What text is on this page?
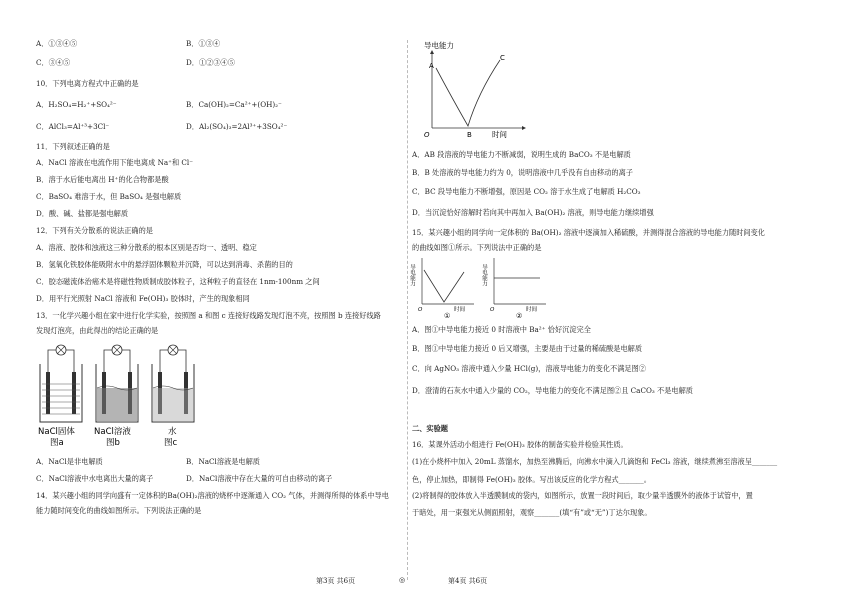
A．①③④⑤	B．①③④
C．③④⑤	D．①②③④⑤
10．下列电离方程式中正确的是
A．H₂SO₄=H₂⁺+SO₄²⁻	B．Ca(OH)₂=Ca²⁺+(OH)₂⁻
C．AlCl₃=Al⁺³+3Cl⁻	D．Al₂(SO₄)₃=2Al³⁺+3SO₄²⁻
11．下列叙述正确的是
A．NaCl 溶液在电流作用下能电离成 Na⁺和 Cl⁻
B．溶于水后能电离出 H⁺的化合物都是酸
C．BaSO₄ 难溶于水，但 BaSO₄ 是强电解质
D．酸、碱、盐都是强电解质
12．下列有关分散系的说法正确的是
A．溶液、胶体和浊液这三种分散系的根本区别是否均一、透明、稳定
B．氢氧化铁胶体能吸附水中的悬浮固体颗粒并沉降，可以达到消毒、杀菌的目的
C．胶态磁流体治癌术是将磁性物质制成胶体粒子，这种粒子的直径在 1nm-100nm 之间
D．用平行光照射 NaCl 溶液和 Fe(OH)₃ 胶体时，产生的现象相同
13．一化学兴趣小组在家中进行化学实验，按照图 a 和图 c 连接好线路发现灯泡不亮，按照图 b 连接好线路
发现灯泡亮，由此得出的结论正确的是
NaCl固体
图a
NaCl溶液
图b
水
图c
A．NaCl是非电解质	B．NaCl溶液是电解质
C．NaCl溶液中水电离出大量的离子	D．NaCl溶液中存在大量的可自由移动的离子
14．某兴趣小组的同学向盛有一定体积的Ba(OH)₂溶液的烧杯中逐渐通入 CO₂ 气体，并测得所得的体系中导电
能力随时间变化的曲线如图所示。下列说法正确的是
导电能力
A
B
C
O	时间
A．AB 段溶液的导电能力不断减弱，说明生成的 BaCO₃ 不是电解质
B．B 处溶液的导电能力约为 0，说明溶液中几乎没有自由移动的离子
C．BC 段导电能力不断增强，原因是 CO₂ 溶于水生成了电解质 H₂CO₃
D．当沉淀恰好溶解时若向其中再加入 Ba(OH)₂ 溶液，则导电能力继续增强
15．某兴趣小组的同学向一定体积的 Ba(OH)₂ 溶液中逐滴加入稀硫酸，并测得混合溶液的导电能力随时间变化
的曲线如图①所示。下列说法中正确的是
导电能力
O	时间
①
导电能力
O	时间
②
A．图①中导电能力接近 0 时溶液中 Ba²⁺ 恰好沉淀完全
B．图①中导电能力接近 0 后又增强，主要是由于过量的稀硫酸是电解质
C．向 AgNO₃ 溶液中通入少量 HCl(g)，溶液导电能力的变化不满足图②
D．澄清的石灰水中通入少量的 CO₂，导电能力的变化不满足图②且 CaCO₃ 不是电解质
二、实验题
16．某课外活动小组进行 Fe(OH)₃ 胶体的制备实验并检验其性质。
(1)在小烧杯中加入 20mL 蒸馏水，加热至沸腾后，向沸水中滴入几滴饱和 FeCl₃ 溶液，继续煮沸至溶液呈_______
色，停止加热，即制得 Fe(OH)₃ 胶体。写出该反应的化学方程式_______。
(2)将制得的胶体放入半透膜制成的袋内，如图所示，放置一段时间后，取少量半透膜外的液体于试管中，置
于暗处，用一束强光从侧面照射，观察_______(填“有”或“无”)丁达尔现象。
第3页 共6页	◎	第4页 共6页
